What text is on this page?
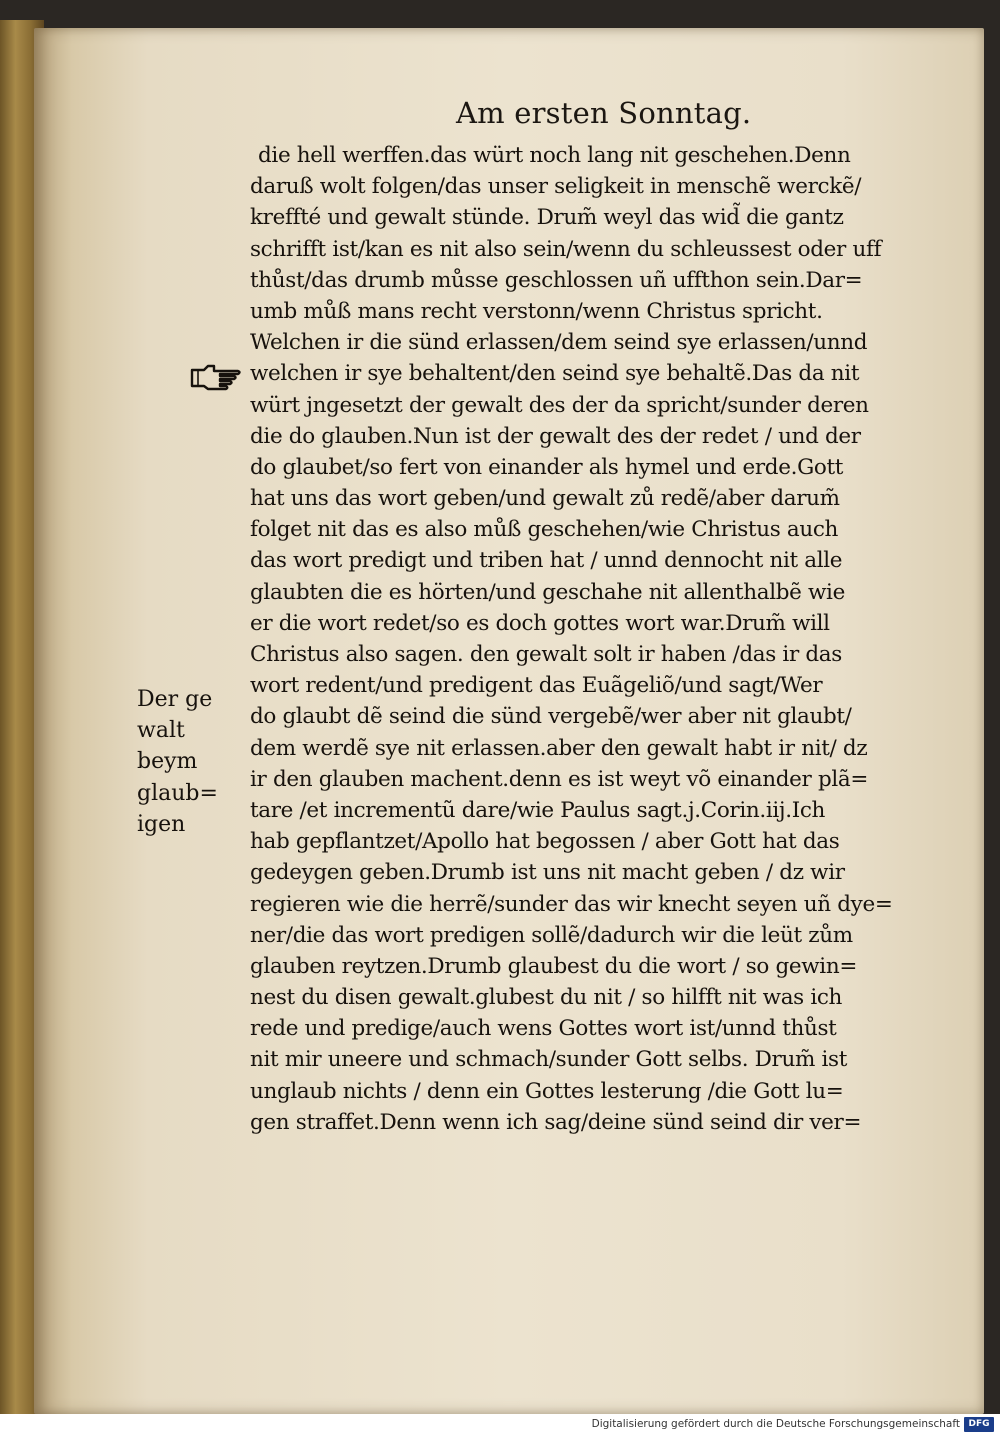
Am ersten Sonntag.
die hell werffen.das würt noch lang nit geschehen.Denn
daruß wolt folgen/das unser seligkeit in menschẽ werckẽ/
kreffté und gewalt stünde. Drum̃ weyl das wid̃ die gantz
schrifft ist/kan es nit also sein/wenn du schleussest oder uff
thůst/das drumb můsse geschlossen uñ uffthon sein.Dar=
umb můß mans recht verstonn/wenn Christus spricht.
Welchen ir die sünd erlassen/dem seind sye erlassen/unnd
welchen ir sye behaltent/den seind sye behaltẽ.Das da nit
würt jngesetzt der gewalt des der da spricht/sunder deren
die do glauben.Nun ist der gewalt des der redet / und der
do glaubet/so fert von einander als hymel und erde.Gott
hat uns das wort geben/und gewalt zů redẽ/aber darum̃
folget nit das es also můß geschehen/wie Christus auch
das wort predigt und triben hat / unnd dennocht nit alle
glaubten die es hörten/und geschahe nit allenthalbẽ wie
er die wort redet/so es doch gottes wort war.Drum̃ will
Christus also sagen. den gewalt solt ir haben /das ir das
wort redent/und predigent das Euãgeliõ/und sagt/Wer
do glaubt dẽ seind die sünd vergebẽ/wer aber nit glaubt/
dem werdẽ sye nit erlassen.aber den gewalt habt ir nit/ dz
ir den glauben machent.denn es ist weyt võ einander plã=
tare /et incrementũ dare/wie Paulus sagt.j.Corin.iij.Ich
hab gepflantzet/Apollo hat begossen / aber Gott hat das
gedeygen geben.Drumb ist uns nit macht geben / dz wir
regieren wie die herrẽ/sunder das wir knecht seyen uñ dye=
ner/die das wort predigen sollẽ/dadurch wir die leüt zům
glauben reytzen.Drumb glaubest du die wort / so gewin=
nest du disen gewalt.glubest du nit / so hilfft nit was ich
rede und predige/auch wens Gottes wort ist/unnd thůst
nit mir uneere und schmach/sunder Gott selbs. Drum̃ ist
unglaub nichts / denn ein Gottes lesterung /die Gott lu=
gen straffet.Denn wenn ich sag/deine sünd seind dir ver=
Der ge
walt
beym
glaub=
igen
Digitalisierung gefördert durch die Deutsche Forschungsgemeinschaft DFG
